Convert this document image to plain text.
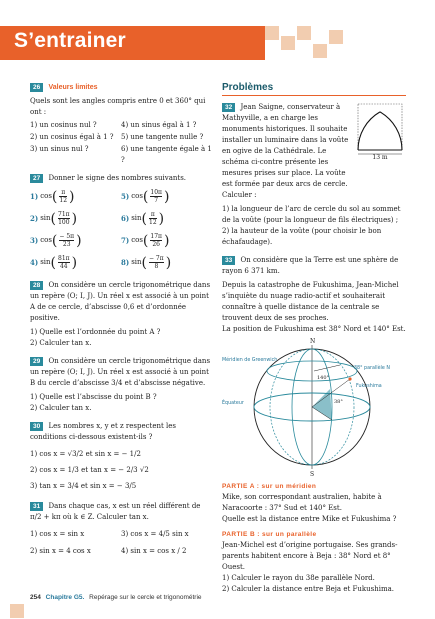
S’entrainer
26 Valeurs limites
Quels sont les angles compris entre 0 et 360° qui ont :
1) un cosinus nul ?	4) un sinus égal à 1 ?
2) un cosinus égal à 1 ?	5) une tangente nulle ?
3) un sinus nul ?	6) une tangente égale à 1 ?
27 Donner le signe des nombres suivants.
1) cos ( $\frac{\pi}{12}$ )	5) cos ( $\frac{10\pi}{7}$ )
2) sin ( $\frac{71\pi}{100}$ )	6) sin ( $\frac{\pi}{12}$ )
3) cos ( $\frac{- 5\pi}{23}$ )	7) cos ( $\frac{17\pi}{26}$ )
4) sin ( $\frac{81\pi}{44}$ )	8) sin ( $\frac{- 7\pi}{8}$ )
28 On considère un cercle trigonométrique dans un repère (O; I, J). Un réel x est associé à un point A de ce cercle, d’abscisse 0,6 et d’ordonnée positive.
1) Quelle est l’ordonnée du point A ?
2) Calculer tan x.
29 On considère un cercle trigonométrique dans un repère (O; I, J). Un réel x est associé à un point B du cercle d’abscisse 3/4 et d’abscisse négative.
1) Quelle est l’abscisse du point B ?
2) Calculer tan x.
30 Les nombres x, y et z respectent les conditions ci-dessous existent-ils ?
1) cos x = √3/2 et sin x = − 1/2
2) cos x = 1/3 et tan x = − 2/3 √2
3) tan x = 3/4 et sin x = − 3/5
31 Dans chaque cas, x est un réel différent de π/2 + kπ où k ∈ Z. Calculer tan x.
1) cos x = sin x	3) cos x = 4/5 sin x
2) sin x = 4 cos x	4) sin x = cos x / 2
Problèmes
13 m
32 Jean Saigne, conservateur à Mathyville, a en charge les monuments historiques. Il souhaite installer un luminaire dans la voûte en ogive de la Cathédrale. Le schéma ci-contre présente les mesures prises sur place. La voûte est formée par deux arcs de cercle. Calculer :
1) la longueur de l’arc de cercle du sol au sommet de la voûte (pour la longueur de fils électriques) ;
2) la hauteur de la voûte (pour choisir le bon échafaudage).
33 On considère que la Terre est une sphère de rayon 6 371 km.
Depuis la catastrophe de Fukushima, Jean-Michel s’inquiète du nuage radio-actif et souhaiterait connaître à quelle distance de la centrale se trouvent deux de ses proches.
La position de Fukushima est 38° Nord et 140° Est.
N
S
Méridien de Greenwich
38° parallèle N
Fukushima
Équateur
140°
38°
PARTIE A : sur un méridien
Mike, son correspondant australien, habite à Naracoorte : 37° Sud et 140° Est.
Quelle est la distance entre Mike et Fukushima ?
PARTIE B : sur un parallèle
Jean-Michel est d’origine portugaise. Ses grands-parents habitent encore à Beja : 38° Nord et 8° Ouest.
1) Calculer le rayon du 38e parallèle Nord.
2) Calculer la distance entre Beja et Fukushima.
254 Chapitre G5. Repérage sur le cercle et trigonométrie
